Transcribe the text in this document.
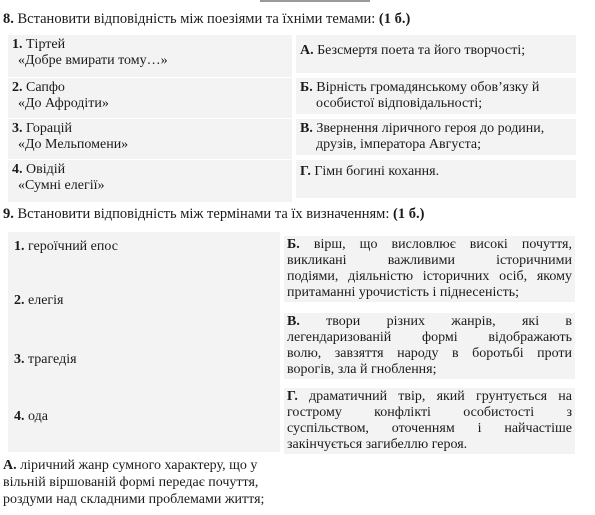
8. Встановити відповідність між поезіями та їхніми темами: (1 б.)
1. Тіртей
«Добре вмирати тому…»
2. Сапфо
«До Афродіти»
3. Горацій
«До Мельпомени»
4. Овідій
«Сумні елегії»
А. Безсмертя поета та його творчості;
Б. Вірність громадянському обов’язку й
особистої відповідальності;
В. Звернення ліричного героя до родини,
друзів, імператора Августа;
Г. Гімн богині кохання.
9. Встановити відповідність між термінами та їх визначенням: (1 б.)
1. героїчний епос
2. елегія
3. трагедія
4. ода
Б. вірш, що висловлює високі почуття,
викликані важливими історичними
подіями, діяльністю історичних осіб, якому
притаманні урочистість і піднесеність;
В. твори різних жанрів, які в
легендаризованій формі відображають
волю, завзяття народу в боротьбі проти
ворогів, зла й гноблення;
Г. драматичний твір, який грунтується на
гострому конфлікті особистості з
суспільством, оточенням і найчастіше
закінчується загибеллю героя.
А. ліричний жанр сумного характеру, що у
вільній віршованій формі передає почуття,
роздуми над складними проблемами життя;
